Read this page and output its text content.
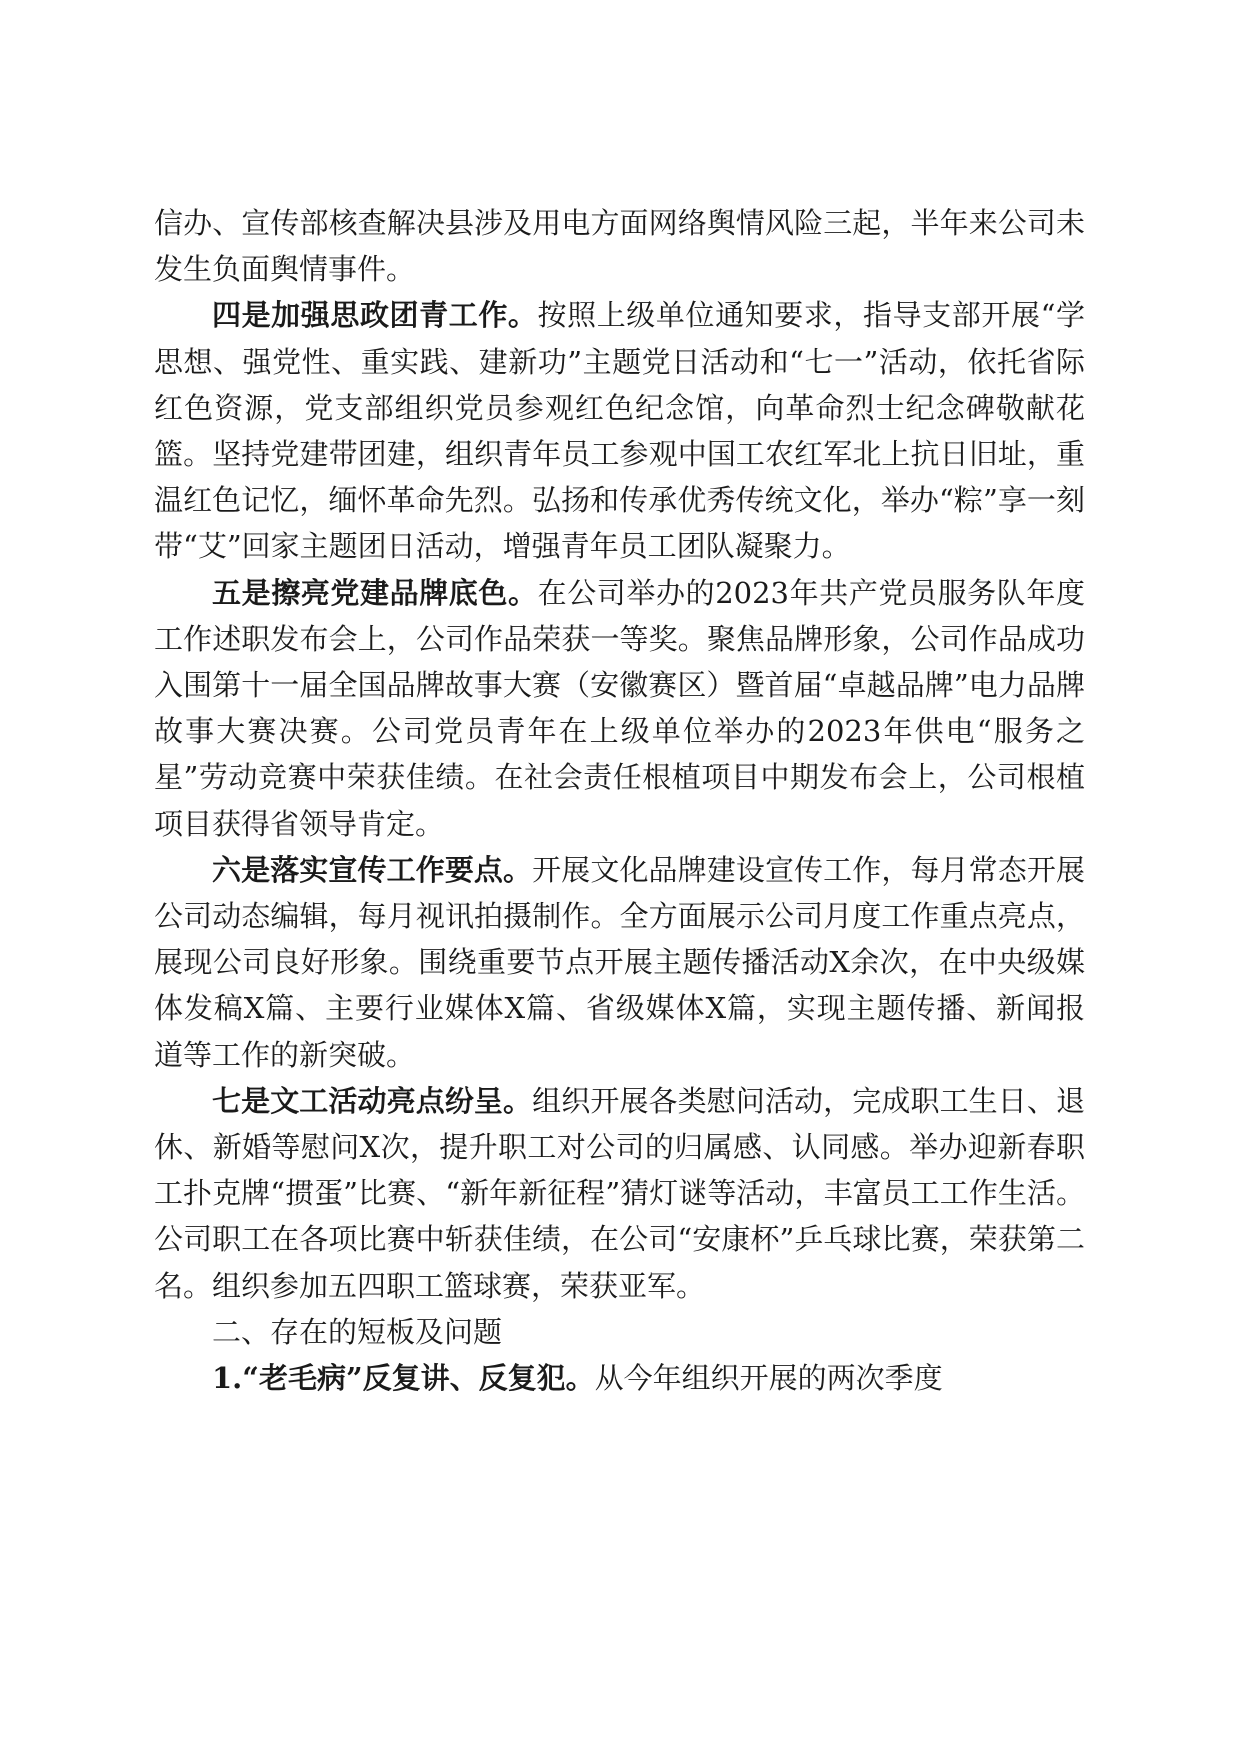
信办、宣传部核查解决县涉及用电方面网络舆情风险三起，半年来公司未发生负面舆情事件。

四是加强思政团青工作。按照上级单位通知要求，指导支部开展“学思想、强党性、重实践、建新功”主题党日活动和“七一”活动，依托省际红色资源，党支部组织党员参观红色纪念馆，向革命烈士纪念碑敬献花篮。坚持党建带团建，组织青年员工参观中国工农红军北上抗日旧址，重温红色记忆，缅怀革命先烈。弘扬和传承优秀传统文化，举办“粽”享一刻 带“艾”回家主题团日活动，增强青年员工团队凝聚力。

五是擦亮党建品牌底色。在公司举办的2023年共产党员服务队年度工作述职发布会上，公司作品荣获一等奖。聚焦品牌形象，公司作品成功入围第十一届全国品牌故事大赛（安徽赛区）暨首届“卓越品牌”电力品牌故事大赛决赛。公司党员青年在上级单位举办的2023年供电“服务之星”劳动竞赛中荣获佳绩。在社会责任根植项目中期发布会上，公司根植项目获得省领导肯定。

六是落实宣传工作要点。开展文化品牌建设宣传工作，每月常态开展公司动态编辑，每月视讯拍摄制作。全方面展示公司月度工作重点亮点，展现公司良好形象。围绕重要节点开展主题传播活动X余次，在中央级媒体发稿X篇、主要行业媒体X篇、省级媒体X篇，实现主题传播、新闻报道等工作的新突破。

七是文工活动亮点纷呈。组织开展各类慰问活动，完成职工生日、退休、新婚等慰问X次，提升职工对公司的归属感、认同感。举办迎新春职工扑克牌“掼蛋”比赛、“新年新征程”猜灯谜等活动，丰富员工工作生活。公司职工在各项比赛中斩获佳绩，在公司“安康杯”乒乓球比赛，荣获第二名。组织参加五四职工篮球赛，荣获亚军。

二、存在的短板及问题

1.“老毛病”反复讲、反复犯。从今年组织开展的两次季度
